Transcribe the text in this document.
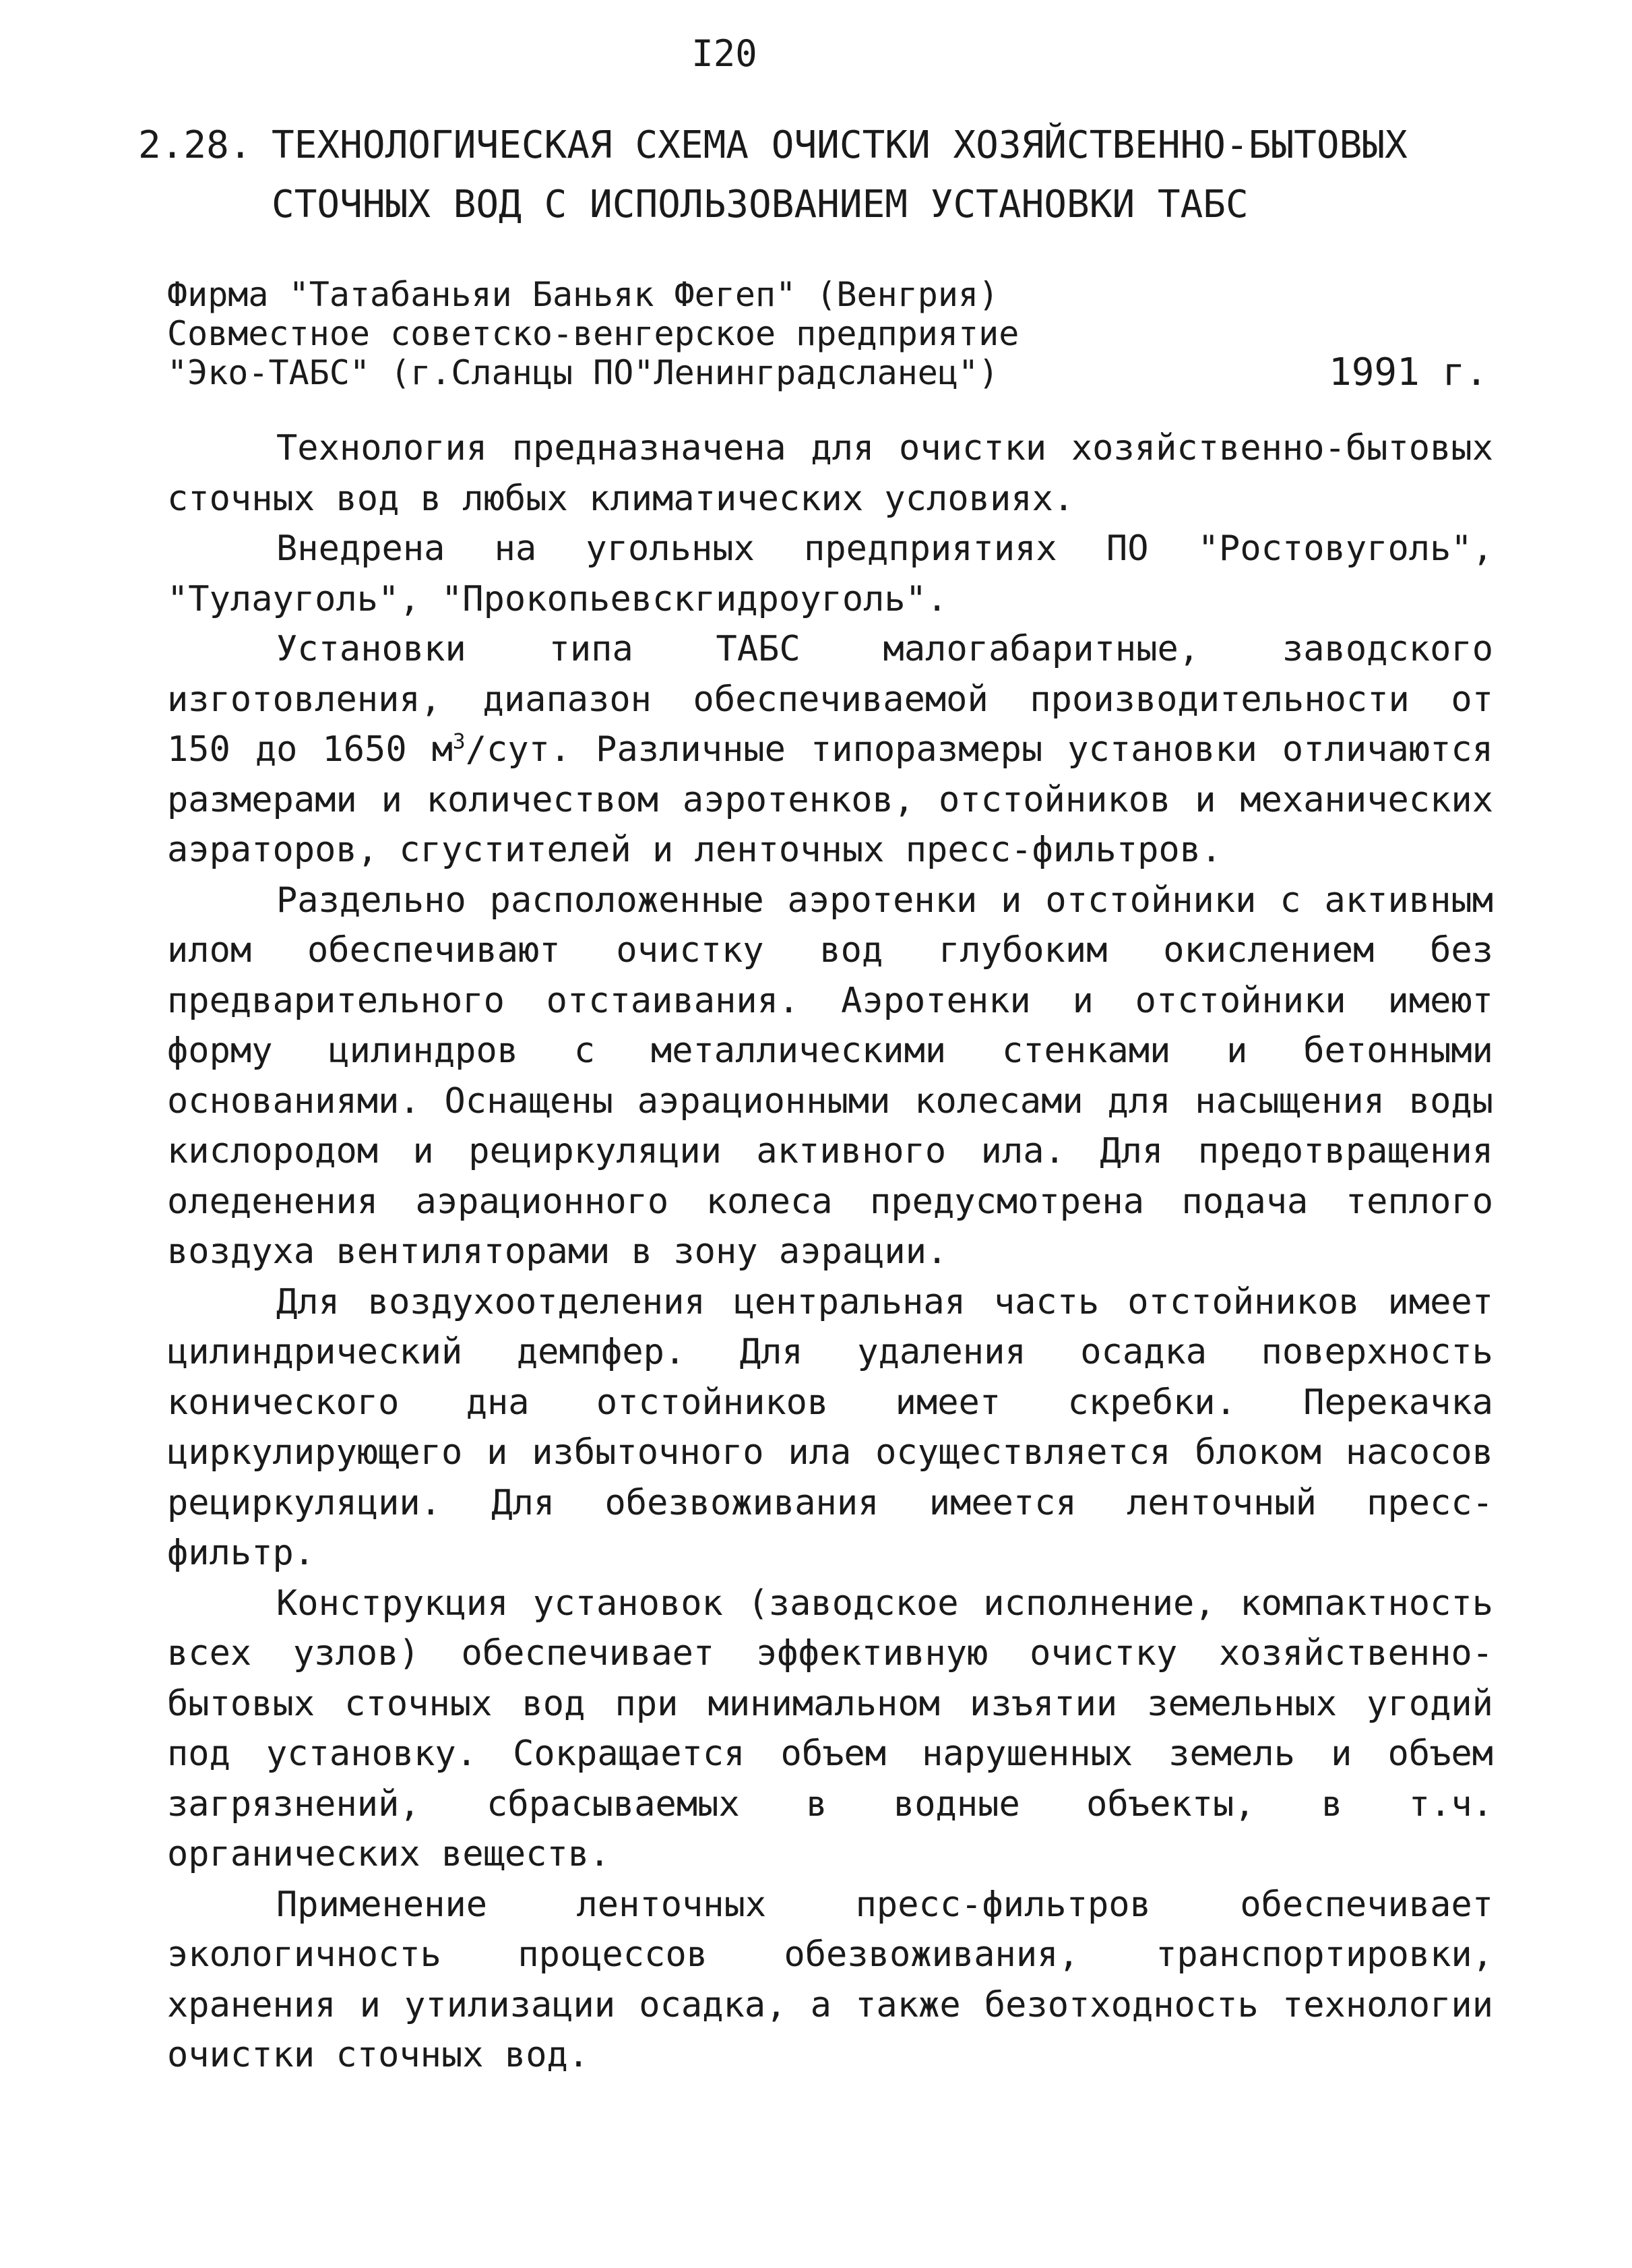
I20
2.28. ТЕХНОЛОГИЧЕСКАЯ СХЕМА ОЧИСТКИ ХОЗЯЙСТВЕННО-БЫТОВЫХ
СТОЧНЫХ ВОД С ИСПОЛЬЗОВАНИЕМ УСТАНОВКИ ТАБС
Фирма "Татабаньяи Баньяк Фегеп" (Венгрия)
Совместное советско-венгерское предприятие
"Эко-ТАБС" (г.Сланцы ПО"Ленинградсланец")	1991 г.

Технология предназначена для очистки хозяйственно-бытовых сточных вод в любых климатических условиях.

Внедрена на угольных предприятиях ПО "Ростовуголь", "Тулауголь", "Прокопьевскгидроуголь".

Установки типа ТАБС малогабаритные, заводского изготовления, диапазон обеспечиваемой производительности от 150 до 1650 $м^3$/сут. Различные типоразмеры установки отличаются размерами и количеством аэротенков, отстойников и механических аэраторов, сгустителей и ленточных пресс-фильтров.

Раздельно расположенные аэротенки и отстойники с активным илом обеспечивают очистку вод глубоким окислением без предварительного отстаивания. Аэротенки и отстойники имеют форму цилиндров с металлическими стенками и бетонными основаниями. Оснащены аэрационными колесами для насыщения воды кислородом и рециркуляции активного ила. Для предотвращения оледенения аэрационного колеса предусмотрена подача теплого воздуха вентиляторами в зону аэрации.

Для воздухоотделения центральная часть отстойников имеет цилиндрический демпфер. Для удаления осадка поверхность конического дна отстойников имеет скребки. Перекачка циркулирующего и избыточного ила осуществляется блоком насосов рециркуляции. Для обезвоживания имеется ленточный пресс-фильтр.

Конструкция установок (заводское исполнение, компактность всех узлов) обеспечивает эффективную очистку хозяйственно-бытовых сточных вод при минимальном изъятии земельных угодий под установку. Сокращается объем нарушенных земель и объем загрязнений, сбрасываемых в водные объекты, в т.ч. органических веществ.

Применение ленточных пресс-фильтров обеспечивает экологичность процессов обезвоживания, транспортировки, хранения и утилизации осадка, а также безотходность технологии очистки сточных вод.
